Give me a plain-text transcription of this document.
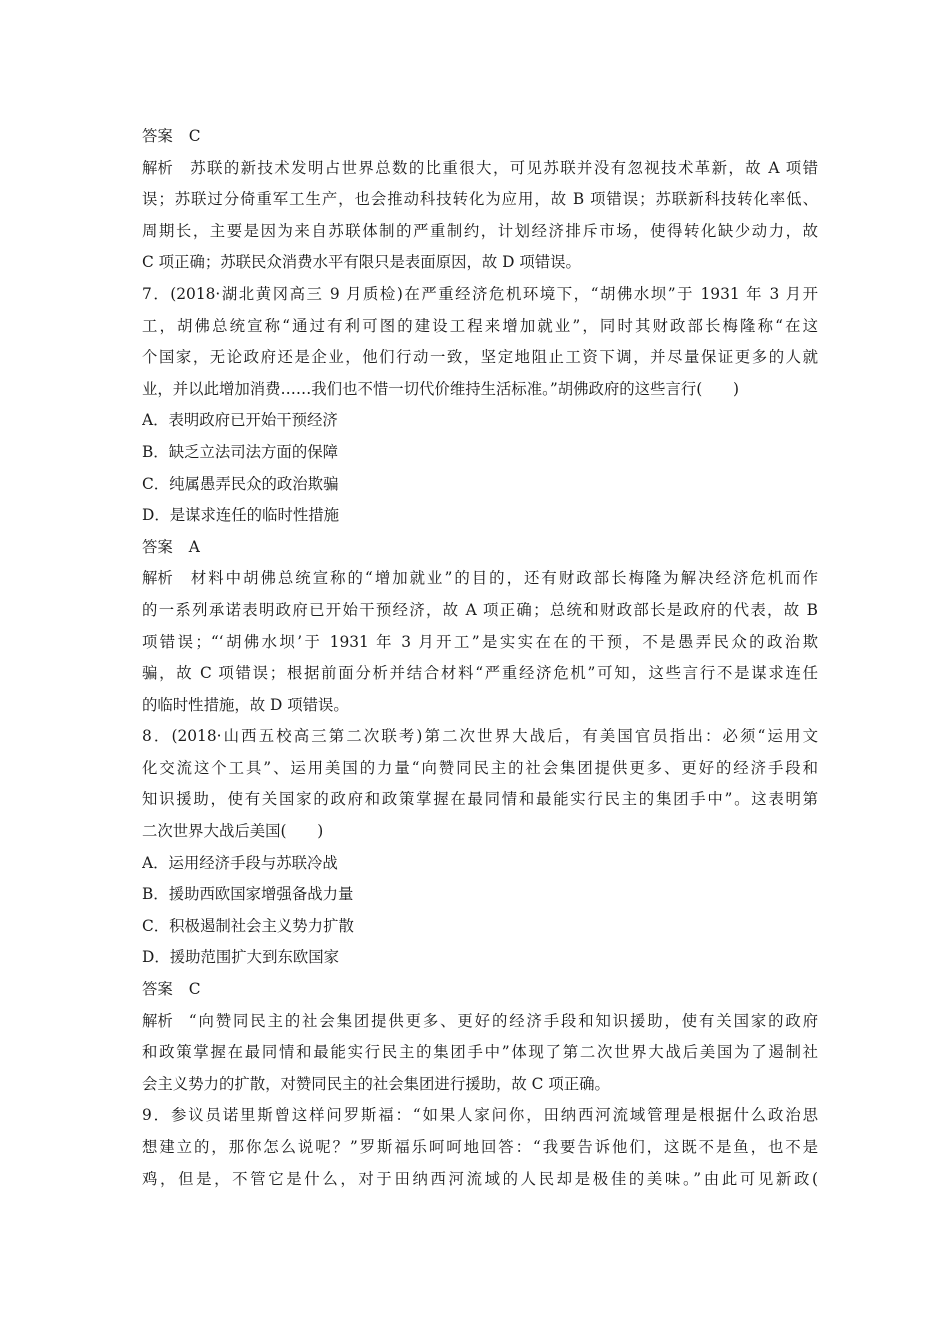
答案 C
解析 苏联的新技术发明占世界总数的比重很大，可见苏联并没有忽视技术革新，故 A 项错
误；苏联过分倚重军工生产，也会推动科技转化为应用，故 B 项错误；苏联新科技转化率低、
周期长，主要是因为来自苏联体制的严重制约，计划经济排斥市场，使得转化缺少动力，故
C 项正确；苏联民众消费水平有限只是表面原因，故 D 项错误。
7．(2018·湖北黄冈高三 9 月质检)在严重经济危机环境下，“胡佛水坝”于 1931 年 3 月开
工，胡佛总统宣称“通过有利可图的建设工程来增加就业”，同时其财政部长梅隆称“在这
个国家，无论政府还是企业，他们行动一致，坚定地阻止工资下调，并尽量保证更多的人就
业，并以此增加消费……我们也不惜一切代价维持生活标准。”胡佛政府的这些言行(　　)
A．表明政府已开始干预经济
B．缺乏立法司法方面的保障
C．纯属愚弄民众的政治欺骗
D．是谋求连任的临时性措施
答案 A
解析 材料中胡佛总统宣称的“增加就业”的目的，还有财政部长梅隆为解决经济危机而作
的一系列承诺表明政府已开始干预经济，故 A 项正确；总统和财政部长是政府的代表，故 B
项错误；“‘胡佛水坝’于 1931 年 3 月开工”是实实在在的干预，不是愚弄民众的政治欺
骗，故 C 项错误；根据前面分析并结合材料“严重经济危机”可知，这些言行不是谋求连任
的临时性措施，故 D 项错误。
8．(2018·山西五校高三第二次联考)第二次世界大战后，有美国官员指出：必须“运用文
化交流这个工具”、运用美国的力量“向赞同民主的社会集团提供更多、更好的经济手段和
知识援助，使有关国家的政府和政策掌握在最同情和最能实行民主的集团手中”。这表明第
二次世界大战后美国(　　)
A．运用经济手段与苏联冷战
B．援助西欧国家增强备战力量
C．积极遏制社会主义势力扩散
D．援助范围扩大到东欧国家
答案 C
解析 “向赞同民主的社会集团提供更多、更好的经济手段和知识援助，使有关国家的政府
和政策掌握在最同情和最能实行民主的集团手中”体现了第二次世界大战后美国为了遏制社
会主义势力的扩散，对赞同民主的社会集团进行援助，故 C 项正确。
9．参议员诺里斯曾这样问罗斯福：“如果人家问你，田纳西河流域管理是根据什么政治思
想建立的，那你怎么说呢？”罗斯福乐呵呵地回答：“我要告诉他们，这既不是鱼，也不是
鸡，但是，不管它是什么，对于田纳西河流域的人民却是极佳的美味。”由此可见新政(
